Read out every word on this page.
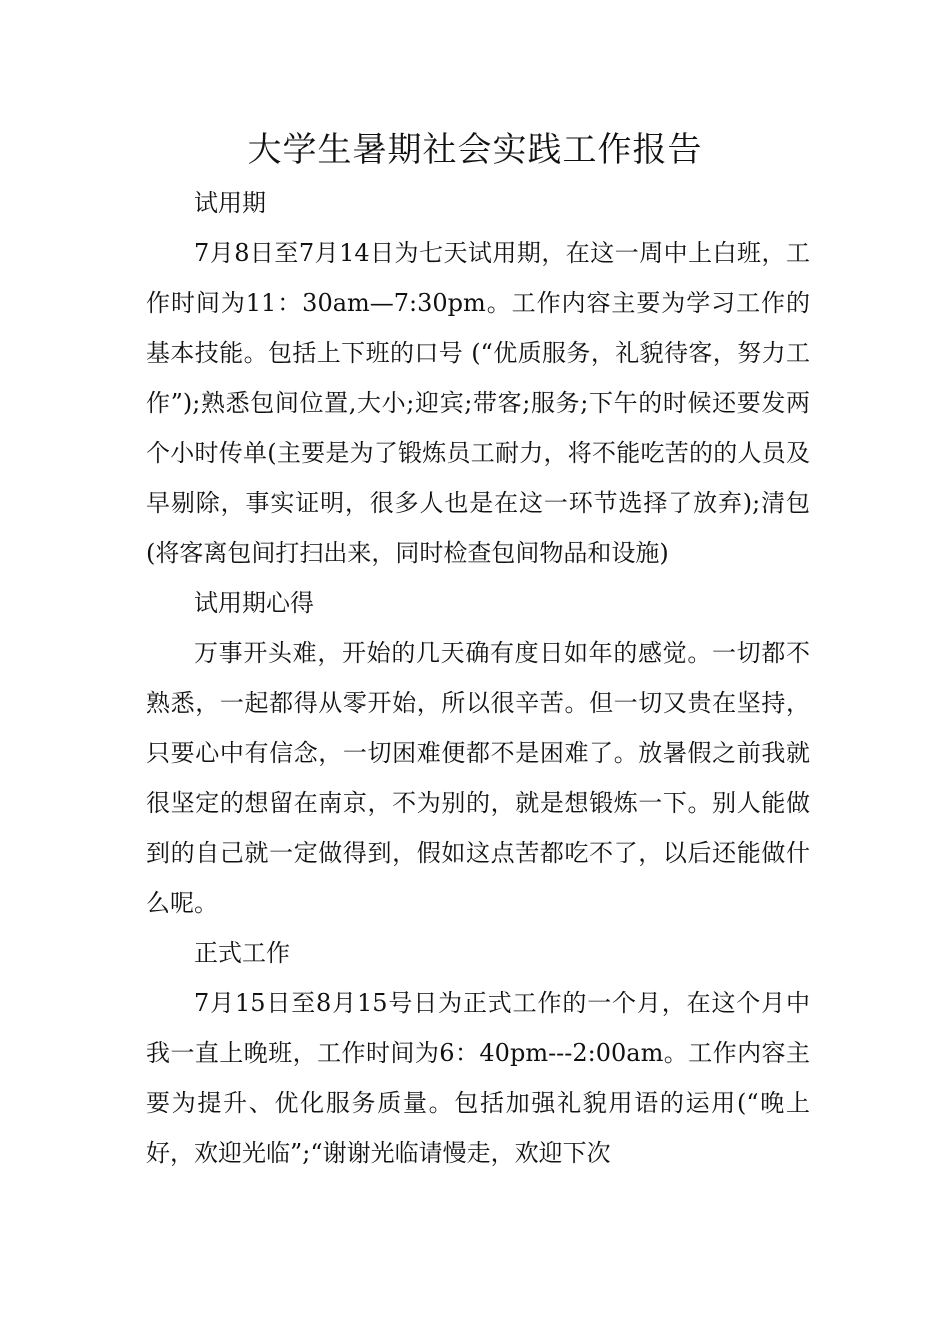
大学生暑期社会实践工作报告

试用期

7月8日至7月14日为七天试用期，在这一周中上白班，工作时间为11：30am—7:30pm。工作内容主要为学习工作的基本技能。包括上下班的口号 (“优质服务，礼貌待客，努力工作”);熟悉包间位置,大小;迎宾;带客;服务;下午的时候还要发两个小时传单(主要是为了锻炼员工耐力，将不能吃苦的的人员及早剔除，事实证明，很多人也是在这一环节选择了放弃);清包(将客离包间打扫出来，同时检查包间物品和设施)

试用期心得

万事开头难，开始的几天确有度日如年的感觉。一切都不熟悉，一起都得从零开始，所以很辛苦。但一切又贵在坚持，只要心中有信念，一切困难便都不是困难了。放暑假之前我就很坚定的想留在南京，不为别的，就是想锻炼一下。别人能做到的自己就一定做得到，假如这点苦都吃不了，以后还能做什么呢。

正式工作

7月15日至8月15号日为正式工作的一个月，在这个月中我一直上晚班，工作时间为6：40pm---2:00am。工作内容主要为提升、优化服务质量。包括加强礼貌用语的运用(“晚上好，欢迎光临”;“谢谢光临请慢走，欢迎下次
